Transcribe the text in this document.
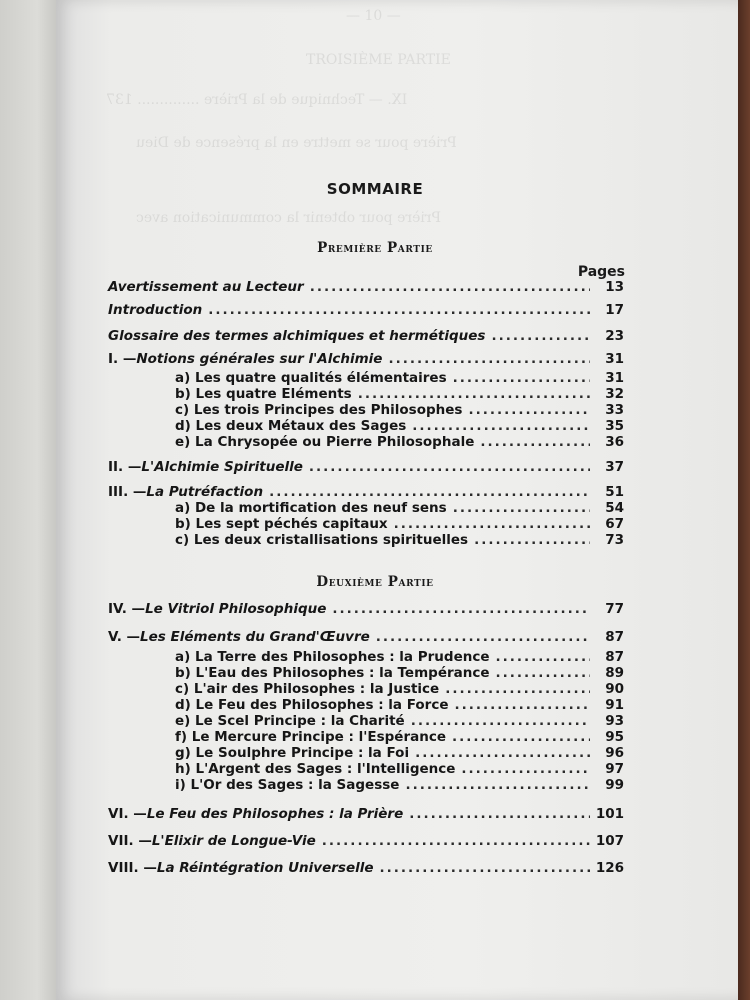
— 10 —
TROISIÈME PARTIE
IX. — Technique de la Prière .............. 137
Prière pour se mettre en la présence de Dieu
Prière pour obtenir la communication avec
SOMMAIRE
Première Partie
Pages
Deuxième Partie
Avertissement au Lecteur .....	13
Introduction .....	17
Glossaire des termes alchimiques et hermétiques .....	23
I. — Notions générales sur l'Alchimie .....	31
a) Les quatre qualités élémentaires .....	31
b) Les quatre Eléments .....	32
c) Les trois Principes des Philosophes .....	33
d) Les deux Métaux des Sages .....	35
e) La Chrysopée ou Pierre Philosophale .....	36
II. — L'Alchimie Spirituelle .....	37
III. — La Putréfaction .....	51
a) De la mortification des neuf sens .....	54
b) Les sept péchés capitaux .....	67
c) Les deux cristallisations spirituelles .....	73
IV. — Le Vitriol Philosophique .....	77
V. — Les Eléments du Grand'Œuvre .....	87
a) La Terre des Philosophes : la Prudence .....	87
b) L'Eau des Philosophes : la Tempérance .....	89
c) L'air des Philosophes : la Justice .....	90
d) Le Feu des Philosophes : la Force .....	91
e) Le Scel Principe : la Charité .....	93
f) Le Mercure Principe : l'Espérance .....	95
g) Le Soulphre Principe : la Foi .....	96
h) L'Argent des Sages : l'Intelligence .....	97
i) L'Or des Sages : la Sagesse .....	99
VI. — Le Feu des Philosophes : la Prière .....	101
VII. — L'Elixir de Longue-Vie .....	107
VIII. — La Réintégration Universelle .....	126
